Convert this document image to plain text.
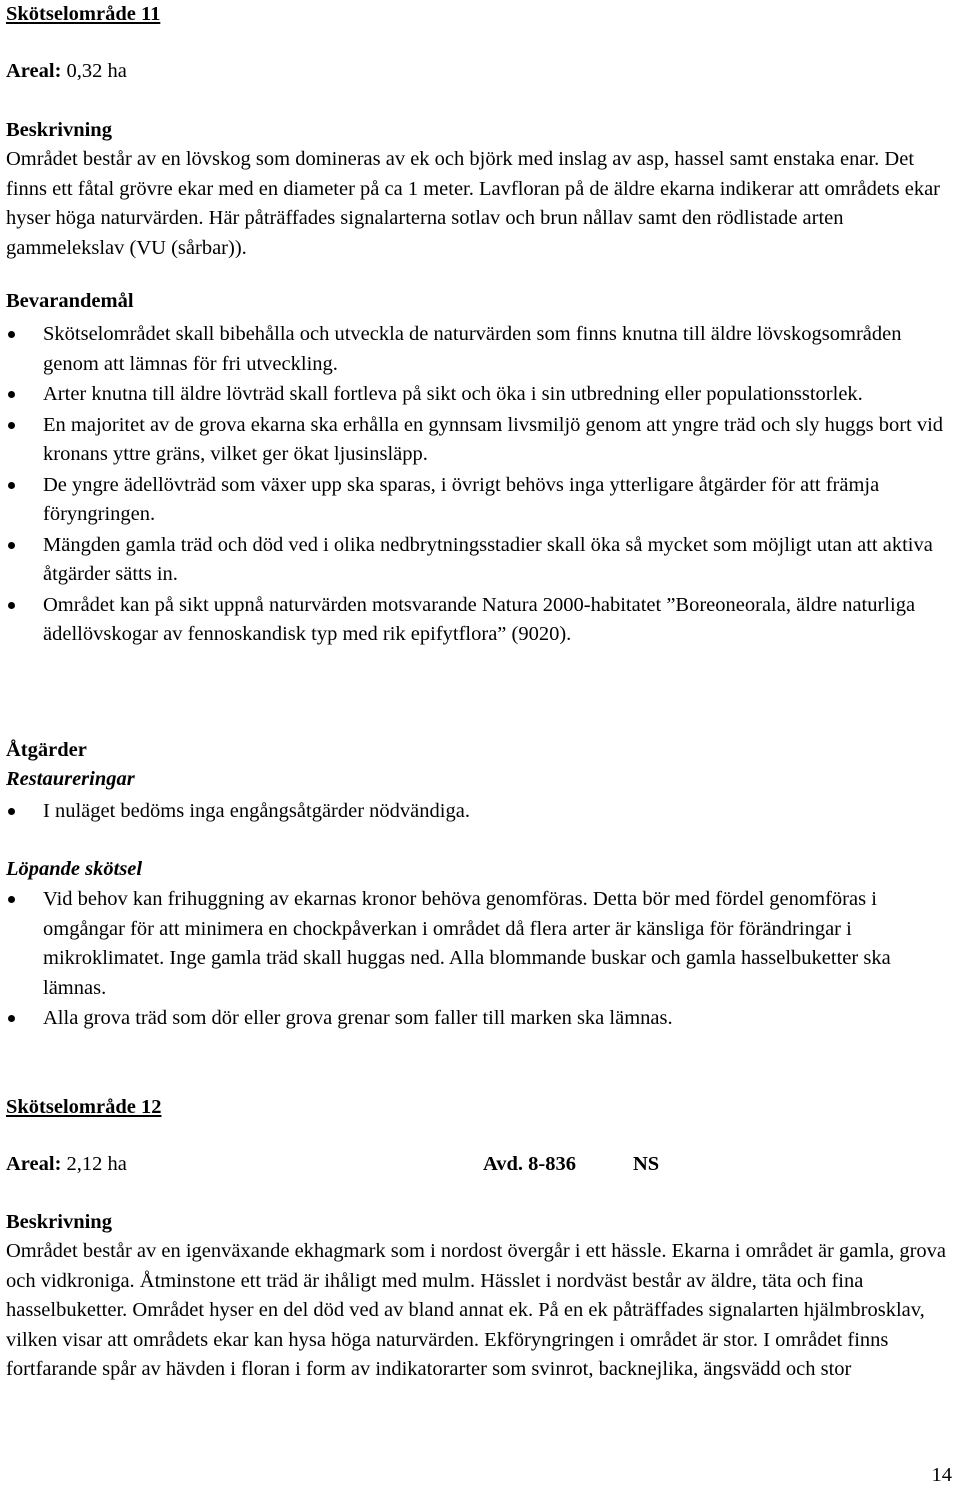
Skötselområde 11
Areal: 0,32 ha
Beskrivning

Området består av en lövskog som domineras av ek och björk med inslag av asp, hassel samt enstaka enar. Det finns ett fåtal grövre ekar med en diameter på ca 1 meter. Lavfloran på de äldre ekarna indikerar att områdets ekar hyser höga naturvärden. Här påträffades signalarterna sotlav och brun nållav samt den rödlistade arten gammelekslav (VU (sårbar)).

Bevarandemål
Skötselområdet skall bibehålla och utveckla de naturvärden som finns knutna till äldre lövskogsområden genom att lämnas för fri utveckling.
Arter knutna till äldre lövträd skall fortleva på sikt och öka i sin utbredning eller populationsstorlek.
En majoritet av de grova ekarna ska erhålla en gynnsam livsmiljö genom att yngre träd och sly huggs bort vid kronans yttre gräns, vilket ger ökat ljusinsläpp.
De yngre ädellövträd som växer upp ska sparas, i övrigt behövs inga ytterligare åtgärder för att främja föryngringen.
Mängden gamla träd och död ved i olika nedbrytningsstadier skall öka så mycket som möjligt utan att aktiva åtgärder sätts in.
Området kan på sikt uppnå naturvärden motsvarande Natura 2000-habitatet ”Boreoneorala, äldre naturliga ädellövskogar av fennoskandisk typ med rik epifytflora” (9020).
Åtgärder
Restaureringar
I nuläget bedöms inga engångsåtgärder nödvändiga.
Löpande skötsel
Vid behov kan frihuggning av ekarnas kronor behöva genomföras. Detta bör med fördel genomföras i omgångar för att minimera en chockpåverkan i området då flera arter är känsliga för förändringar i mikroklimatet. Inge gamla träd skall huggas ned. Alla blommande buskar och gamla hasselbuketter ska lämnas.
Alla grova träd som dör eller grova grenar som faller till marken ska lämnas.
Skötselområde 12
Areal: 2,12 ha	Avd. 8-836	NS
Beskrivning

Området består av en igenväxande ekhagmark som i nordost övergår i ett hässle. Ekarna i området är gamla, grova och vidkroniga. Åtminstone ett träd är ihåligt med mulm. Hässlet i nordväst består av äldre, täta och fina hasselbuketter. Området hyser en del död ved av bland annat ek. På en ek påträffades signalarten hjälmbrosklav, vilken visar att områdets ekar kan hysa höga naturvärden. Ekföryngringen i området är stor. I området finns fortfarande spår av hävden i floran i form av indikatorarter som svinrot, backnejlika, ängsvädd och stor

14
